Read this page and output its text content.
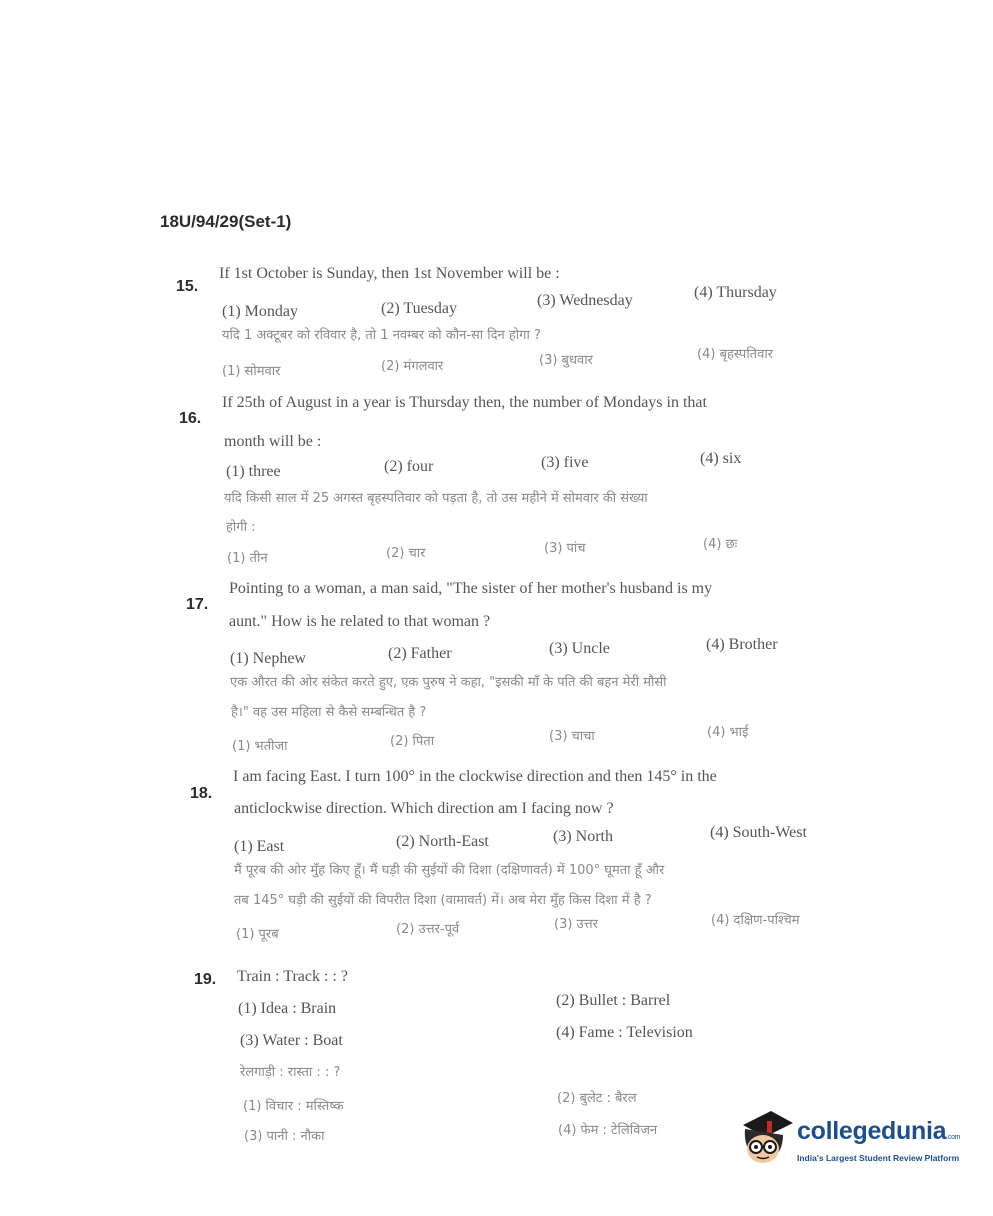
18U/94/29(Set-1)
15.
If 1st October is Sunday, then 1st November will be :
(1) Monday	(2) Tuesday	(3) Wednesday	(4) Thursday
यदि 1 अक्टूबर को रविवार है, तो 1 नवम्बर को कौन-सा दिन होगा ?
(1) सोमवार	(2) मंगलवार	(3) बुधवार	(4) बृहस्पतिवार
16.
If 25th of August in a year is Thursday then, the number of Mondays in that
month will be :
(1) three	(2) four	(3) five	(4) six
यदि किसी साल में 25 अगस्त बृहस्पतिवार को पड़ता है, तो उस महीने में सोमवार की संख्या
होगी :
(1) तीन	(2) चार	(3) पांच	(4) छः
17.
Pointing to a woman, a man said, "The sister of her mother's husband is my
aunt." How is he related to that woman ?
(1) Nephew	(2) Father	(3) Uncle	(4) Brother
एक औरत की ओर संकेत करते हुए, एक पुरुष ने कहा, "इसकी माँ के पति की बहन मेरी मौसी
है।" वह उस महिला से कैसे सम्बन्धित है ?
(1) भतीजा	(2) पिता	(3) चाचा	(4) भाई
18.
I am facing East. I turn 100° in the clockwise direction and then 145° in the
anticlockwise direction. Which direction am I facing now ?
(1) East	(2) North-East	(3) North	(4) South-West
मैं पूरब की ओर मुँह किए हूँ। मैं घड़ी की सुईयों की दिशा (दक्षिणावर्त) में 100° घूमता हूँ और
तब 145° घड़ी की सुईयों की विपरीत दिशा (वामावर्त) में। अब मेरा मुँह किस दिशा में है ?
(1) पूरब	(2) उत्तर-पूर्व	(3) उत्तर	(4) दक्षिण-पश्चिम
19. Train : Track : : ?
(1) Idea : Brain	(2) Bullet : Barrel
(3) Water : Boat	(4) Fame : Television
रेलगाड़ी : रास्ता : : ?
(1) विचार : मस्तिष्क
(2) बुलेट : बैरल
(3) पानी : नौका	(4) फेम : टेलिविजन	collegedunia.com
India's Largest Student Review Platform
